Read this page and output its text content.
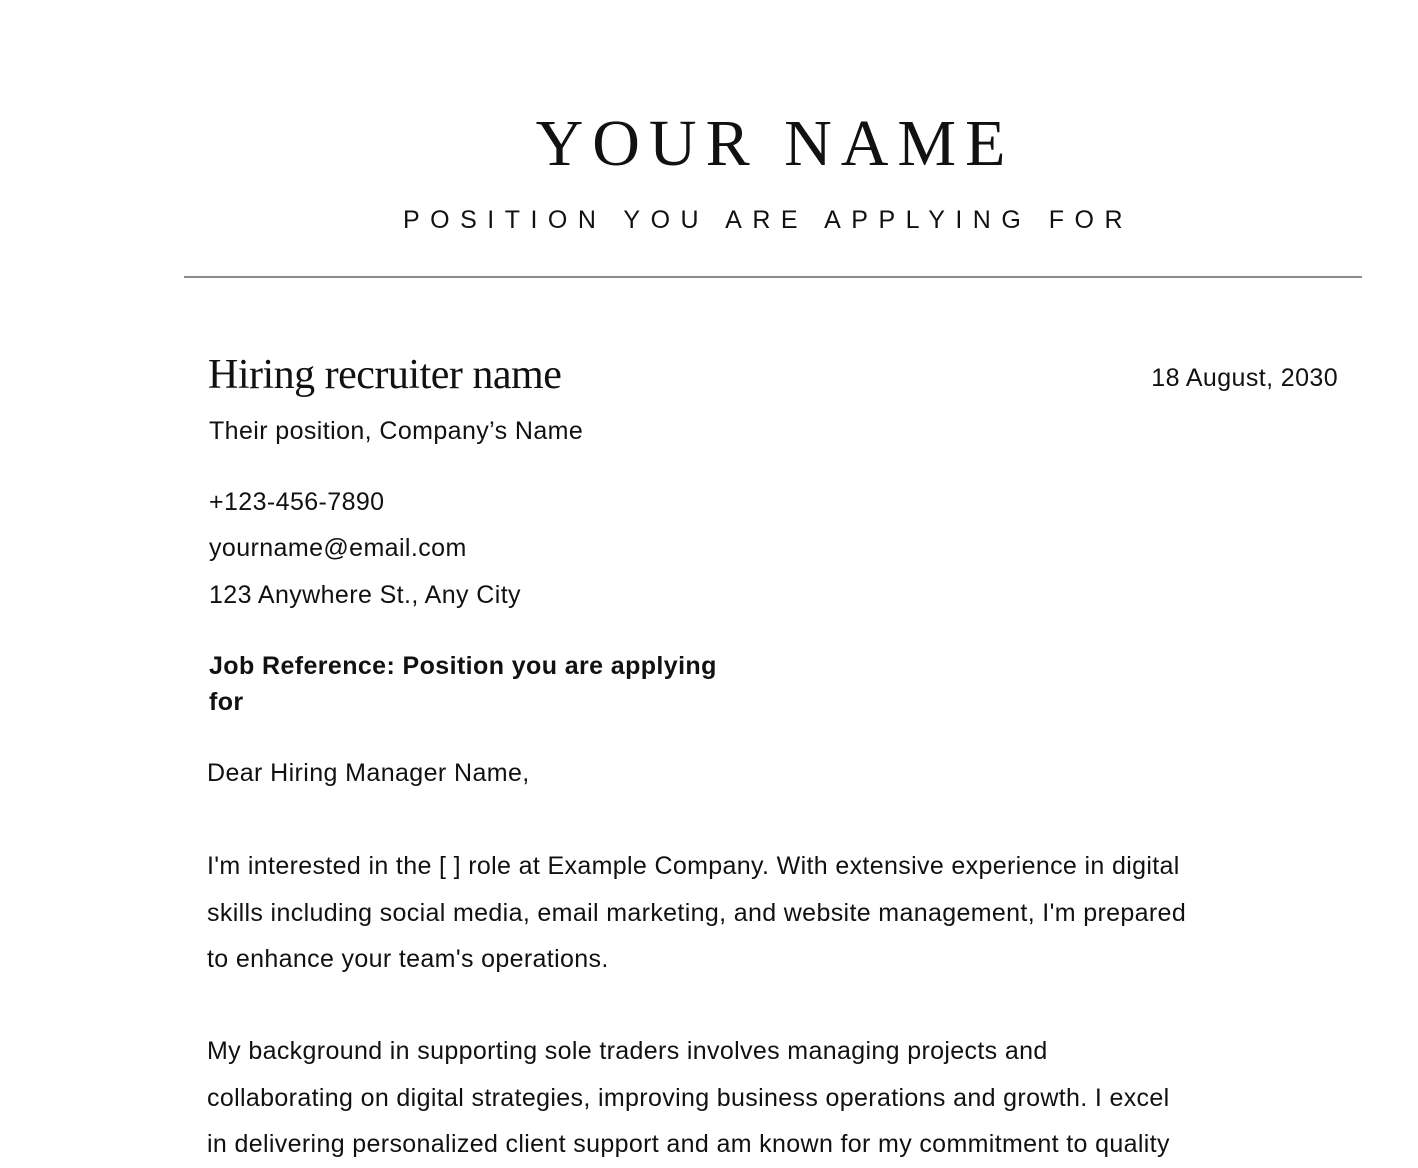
YOUR NAME
POSITION YOU ARE APPLYING FOR
Hiring recruiter name	18 August, 2030
Their position, Company’s Name
+123-456-7890
yourname@email.com
123 Anywhere St., Any City
Job Reference: Position you are applying
for
Dear Hiring Manager Name,
I'm interested in the [ ] role at Example Company. With extensive experience in digital
skills including social media, email marketing, and website management, I'm prepared
to enhance your team's operations.
My background in supporting sole traders involves managing projects and
collaborating on digital strategies, improving business operations and growth. I excel
in delivering personalized client support and am known for my commitment to quality
